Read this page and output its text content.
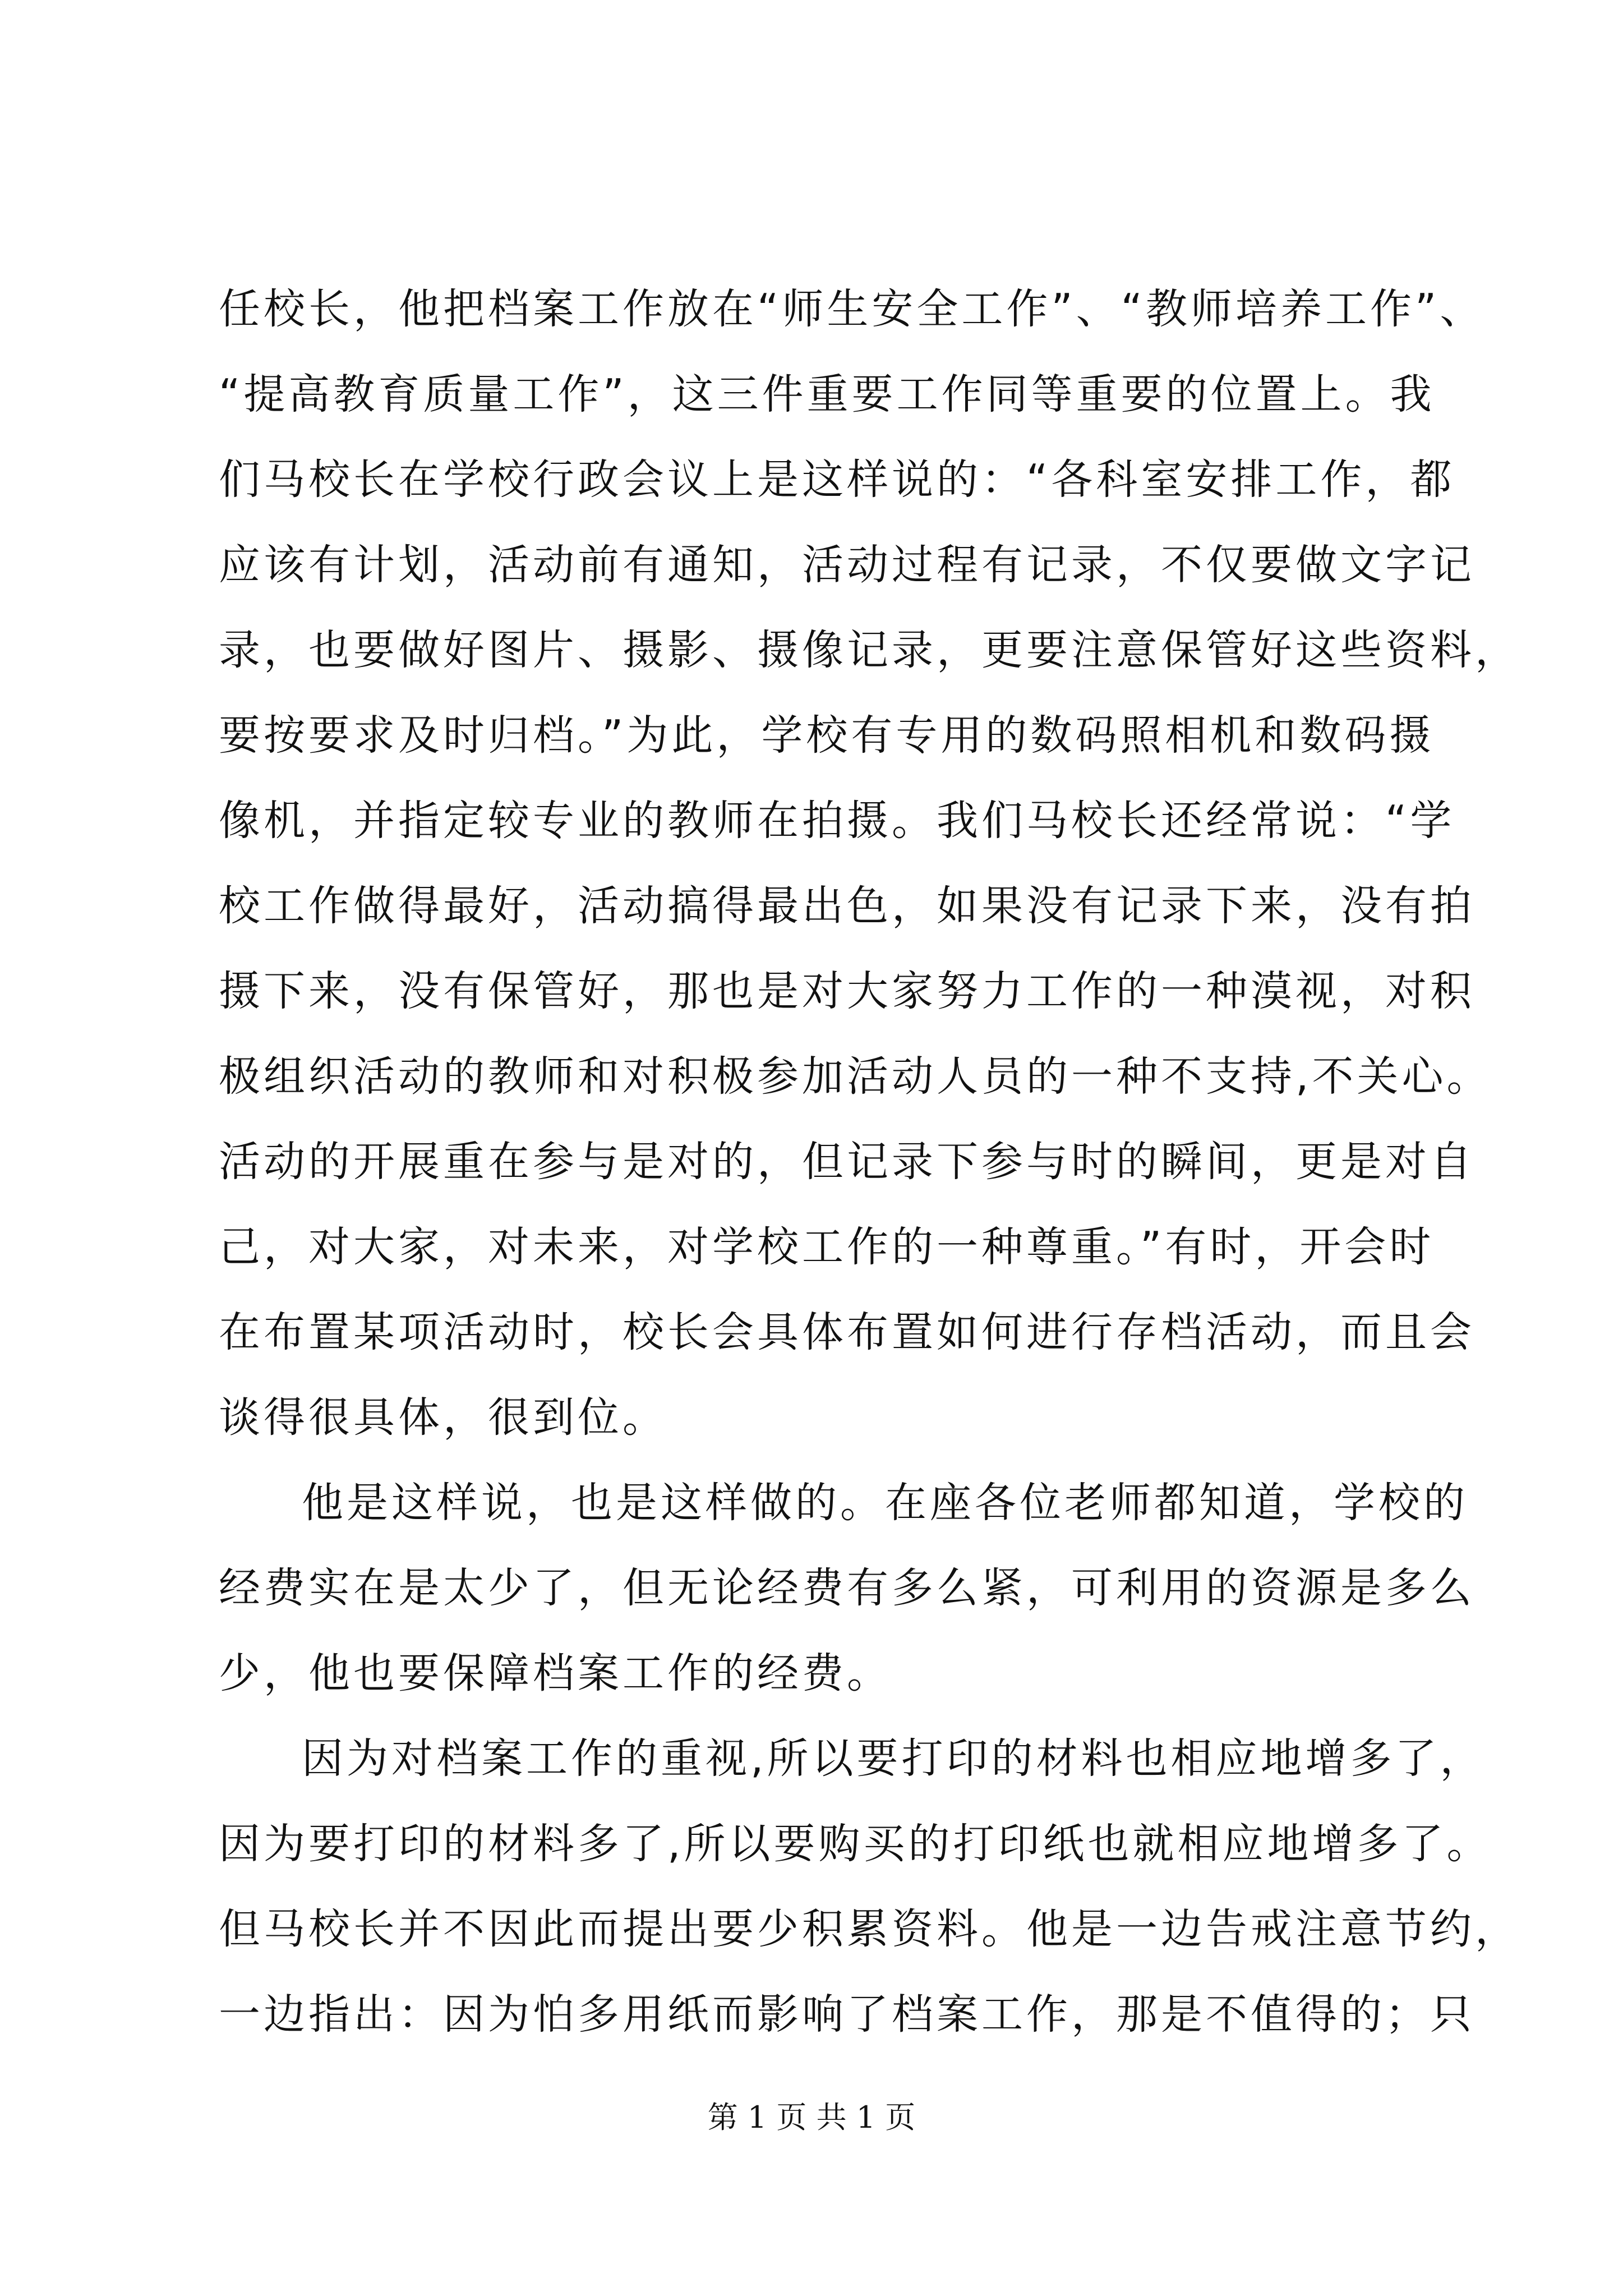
任校长，他把档案工作放在“师生安全工作”、“教师培养工作”、
“提高教育质量工作”，这三件重要工作同等重要的位置上。我
们马校长在学校行政会议上是这样说的：“各科室安排工作，都
应该有计划，活动前有通知，活动过程有记录，不仅要做文字记
录，也要做好图片、摄影、摄像记录，更要注意保管好这些资料，
要按要求及时归档。”为此，学校有专用的数码照相机和数码摄
像机，并指定较专业的教师在拍摄。我们马校长还经常说：“学
校工作做得最好，活动搞得最出色，如果没有记录下来，没有拍
摄下来，没有保管好，那也是对大家努力工作的一种漠视，对积
极组织活动的教师和对积极参加活动人员的一种不支持,不关心。
活动的开展重在参与是对的，但记录下参与时的瞬间，更是对自
己，对大家，对未来，对学校工作的一种尊重。”有时，开会时
在布置某项活动时，校长会具体布置如何进行存档活动，而且会
谈得很具体，很到位。
他是这样说，也是这样做的。在座各位老师都知道，学校的
经费实在是太少了，但无论经费有多么紧，可利用的资源是多么
少，他也要保障档案工作的经费。
因为对档案工作的重视,所以要打印的材料也相应地增多了，
因为要打印的材料多了,所以要购买的打印纸也就相应地增多了。
但马校长并不因此而提出要少积累资料。他是一边告戒注意节约，
一边指出：因为怕多用纸而影响了档案工作，那是不值得的；只
第 1 页 共 1 页
